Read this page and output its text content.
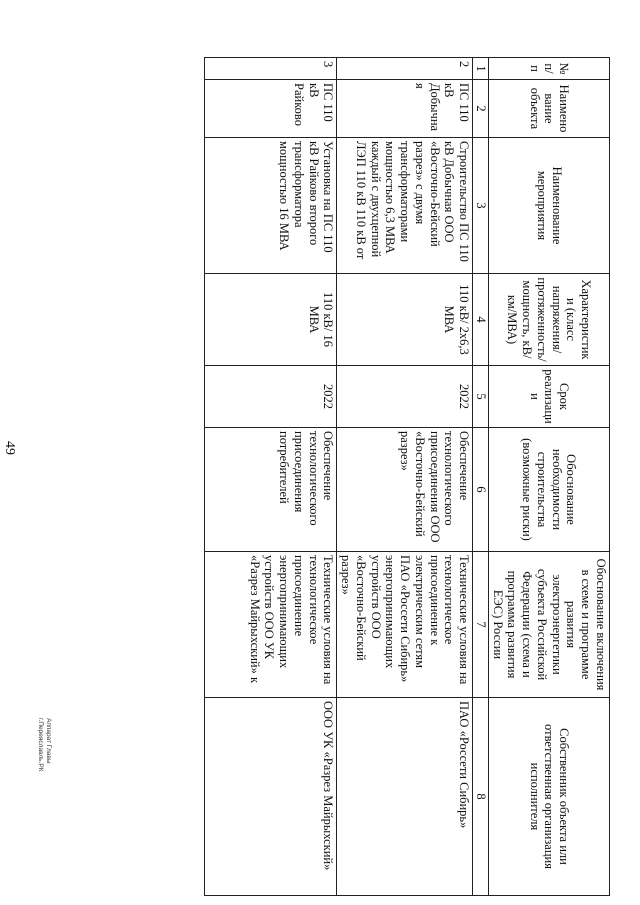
49
№ п/п	Наименование объекта	Наименование мероприятия	Характеристики (класс напряжения/ протяженность/ мощность, кВ/км/МВА)	Срок реализации	Обоснование необходимости строительства (возможные риски)	Обоснование включения в схеме и программе развития электроэнергетики субъекта Российской Федерации (схема и программа развития ЕЭС) России	Собственник объекта или ответственная организация исполнителя
1	2	3	4	5	6	7	8
2	ПС 110 кВ Добычная	Строительство ПС 110 кВ Добычная ООО «Восточно-Бейский разрез» с двумя трансформаторами мощностью 6,3 МВА каждый с двухцепной ЛЭП 110 кВ 110 кВ от	110 кВ/ 2x6,3 МВА	2022	Обеспечение технологического присоединения ООО «Восточно-Бейский разрез»	Технические условия на технологическое присоединение к электрическим сетям ПАО «Россети Сибирь» энергопринимающих устройств ООО «Восточно-Бейский разрез»	ПАО «Россети Сибирь»
3	ПС 110 кВ Райково	Установка на ПС 110 кВ Райково второго трансформатора мощностью 16 МВА	110 кВ/ 16 МВА	2022	Обеспечение технологического присоединения потребителей	Технические условия на технологическое присоединение энергопринимающих устройств ООО УК «Разрез Майрыхский» к	ООО УК «Разрез Майрыхский»
Аппарат Главы
г.Переяславль.РК
